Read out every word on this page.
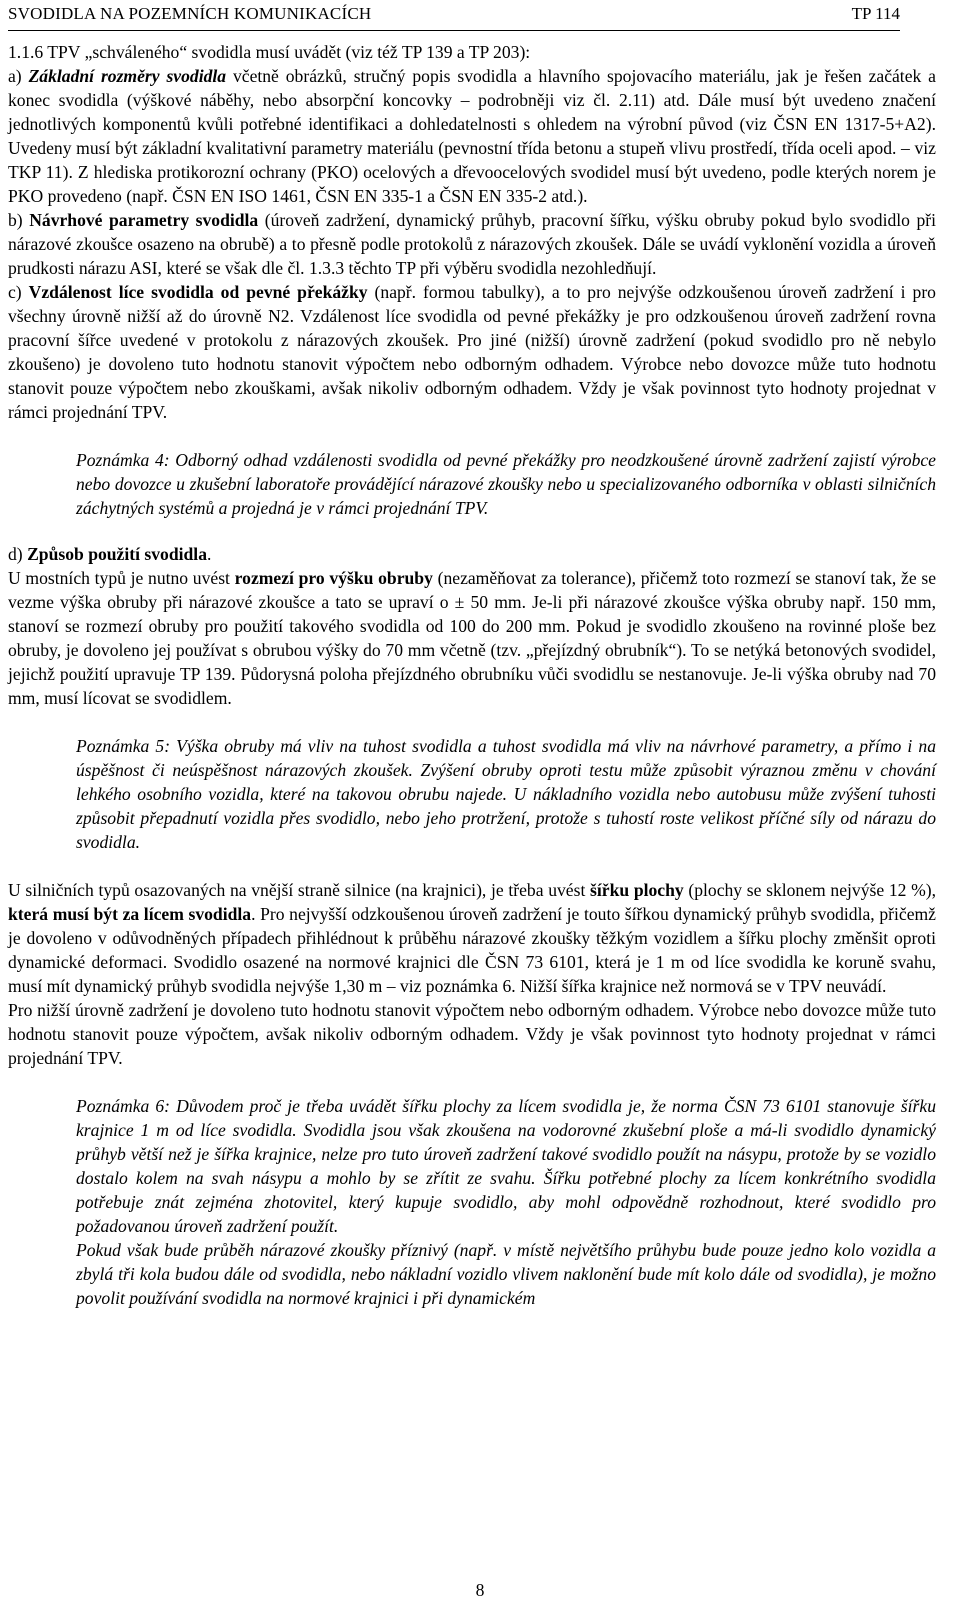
SVODIDLA NA POZEMNÍCH KOMUNIKACÍCH	TP 114

1.1.6 TPV „schváleného“ svodidla musí uvádět (viz též TP 139 a TP 203):

a) Základní rozměry svodidla včetně obrázků, stručný popis svodidla a hlavního spojovacího materiálu, jak je řešen začátek a konec svodidla (výškové náběhy, nebo absorpční koncovky – podrobněji viz čl. 2.11) atd. Dále musí být uvedeno značení jednotlivých komponentů kvůli potřebné identifikaci a dohledatelnosti s ohledem na výrobní původ (viz ČSN EN 1317-5+A2). Uvedeny musí být základní kvalitativní parametry materiálu (pevnostní třída betonu a stupeň vlivu prostředí, třída oceli apod. – viz TKP 11). Z hlediska protikorozní ochrany (PKO) ocelových a dřevoocelových svodidel musí být uvedeno, podle kterých norem je PKO provedeno (např. ČSN EN ISO 1461, ČSN EN 335-1 a ČSN EN 335-2 atd.).

b) Návrhové parametry svodidla (úroveň zadržení, dynamický průhyb, pracovní šířku, výšku obruby pokud bylo svodidlo při nárazové zkoušce osazeno na obrubě) a to přesně podle protokolů z nárazových zkoušek. Dále se uvádí vyklonění vozidla a úroveň prudkosti nárazu ASI, které se však dle čl. 1.3.3 těchto TP při výběru svodidla nezohledňují.

c) Vzdálenost líce svodidla od pevné překážky (např. formou tabulky), a to pro nejvýše odzkoušenou úroveň zadržení i pro všechny úrovně nižší až do úrovně N2. Vzdálenost líce svodidla od pevné překážky je pro odzkoušenou úroveň zadržení rovna pracovní šířce uvedené v protokolu z nárazových zkoušek. Pro jiné (nižší) úrovně zadržení (pokud svodidlo pro ně nebylo zkoušeno) je dovoleno tuto hodnotu stanovit výpočtem nebo odborným odhadem. Výrobce nebo dovozce může tuto hodnotu stanovit pouze výpočtem nebo zkouškami, avšak nikoliv odborným odhadem. Vždy je však povinnost tyto hodnoty projednat v rámci projednání TPV.

Poznámka 4: Odborný odhad vzdálenosti svodidla od pevné překážky pro neodzkoušené úrovně zadržení zajistí výrobce nebo dovozce u zkušební laboratoře provádějící nárazové zkoušky nebo u specializovaného odborníka v oblasti silničních záchytných systémů a projedná je v rámci projednání TPV.

d) Způsob použití svodidla.

U mostních typů je nutno uvést rozmezí pro výšku obruby (nezaměňovat za tolerance), přičemž toto rozmezí se stanoví tak, že se vezme výška obruby při nárazové zkoušce a tato se upraví o ± 50 mm. Je-li při nárazové zkoušce výška obruby např. 150 mm, stanoví se rozmezí obruby pro použití takového svodidla od 100 do 200 mm. Pokud je svodidlo zkoušeno na rovinné ploše bez obruby, je dovoleno jej používat s obrubou výšky do 70 mm včetně (tzv. „přejízdný obrubník“). To se netýká betonových svodidel, jejichž použití upravuje TP 139. Půdorysná poloha přejízdného obrubníku vůči svodidlu se nestanovuje. Je-li výška obruby nad 70 mm, musí lícovat se svodidlem.

Poznámka 5: Výška obruby má vliv na tuhost svodidla a tuhost svodidla má vliv na návrhové parametry, a přímo i na úspěšnost či neúspěšnost nárazových zkoušek. Zvýšení obruby oproti testu může způsobit výraznou změnu v chování lehkého osobního vozidla, které na takovou obrubu najede. U nákladního vozidla nebo autobusu může zvýšení tuhosti způsobit přepadnutí vozidla přes svodidlo, nebo jeho protržení, protože s tuhostí roste velikost příčné síly od nárazu do svodidla.

U silničních typů osazovaných na vnější straně silnice (na krajnici), je třeba uvést šířku plochy (plochy se sklonem nejvýše 12 %), která musí být za lícem svodidla. Pro nejvyšší odzkoušenou úroveň zadržení je touto šířkou dynamický průhyb svodidla, přičemž je dovoleno v odůvodněných případech přihlédnout k průběhu nárazové zkoušky těžkým vozidlem a šířku plochy změnšit oproti dynamické deformaci. Svodidlo osazené na normové krajnici dle ČSN 73 6101, která je 1 m od líce svodidla ke koruně svahu, musí mít dynamický průhyb svodidla nejvýše 1,30 m – viz poznámka 6. Nižší šířka krajnice než normová se v TPV neuvádí.

Pro nižší úrovně zadržení je dovoleno tuto hodnotu stanovit výpočtem nebo odborným odhadem. Výrobce nebo dovozce může tuto hodnotu stanovit pouze výpočtem, avšak nikoliv odborným odhadem. Vždy je však povinnost tyto hodnoty projednat v rámci projednání TPV.

Poznámka 6: Důvodem proč je třeba uvádět šířku plochy za lícem svodidla je, že norma ČSN 73 6101 stanovuje šířku krajnice 1 m od líce svodidla. Svodidla jsou však zkoušena na vodorovné zkušební ploše a má-li svodidlo dynamický průhyb větší než je šířka krajnice, nelze pro tuto úroveň zadržení takové svodidlo použít na násypu, protože by se vozidlo dostalo kolem na svah násypu a mohlo by se zřítit ze svahu. Šířku potřebné plochy za lícem konkrétního svodidla potřebuje znát zejména zhotovitel, který kupuje svodidlo, aby mohl odpovědně rozhodnout, které svodidlo pro požadovanou úroveň zadržení použít.

Pokud však bude průběh nárazové zkoušky příznivý (např. v místě největšího průhybu bude pouze jedno kolo vozidla a zbylá tři kola budou dále od svodidla, nebo nákladní vozidlo vlivem naklonění bude mít kolo dále od svodidla), je možno povolit používání svodidla na normové krajnici i při dynamickém

8
